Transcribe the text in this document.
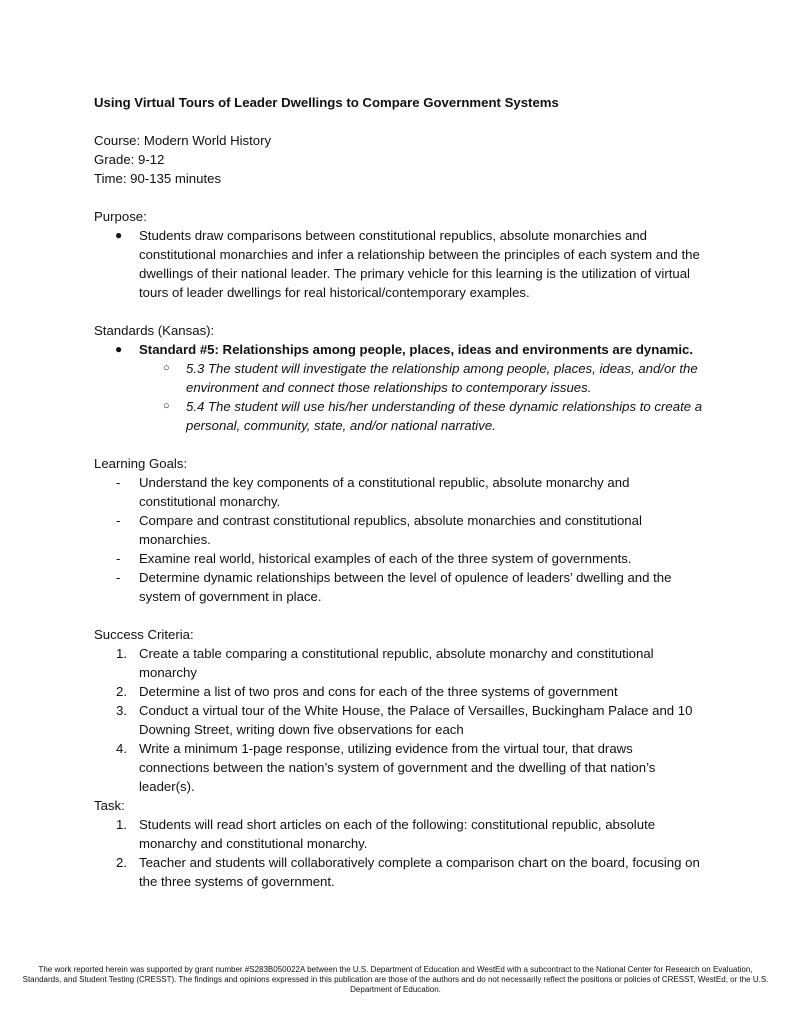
Using Virtual Tours of Leader Dwellings to Compare Government Systems

Course: Modern World History

Grade: 9-12

Time: 90-135 minutes

Purpose:

● Students draw comparisons between constitutional republics, absolute monarchies and constitutional monarchies and infer a relationship between the principles of each system and the dwellings of their national leader. The primary vehicle for this learning is the utilization of virtual tours of leader dwellings for real historical/contemporary examples.

Standards (Kansas):

● Standard #5: Relationships among people, places, ideas and environments are dynamic.
○ 5.3 The student will investigate the relationship among people, places, ideas, and/or the environment and connect those relationships to contemporary issues.
○ 5.4 The student will use his/her understanding of these dynamic relationships to create a personal, community, state, and/or national narrative.

Learning Goals:

- Understand the key components of a constitutional republic, absolute monarchy and constitutional monarchy.
- Compare and contrast constitutional republics, absolute monarchies and constitutional monarchies.
- Examine real world, historical examples of each of the three system of governments.
- Determine dynamic relationships between the level of opulence of leaders’ dwelling and the system of government in place.

Success Criteria:

1. Create a table comparing a constitutional republic, absolute monarchy and constitutional monarchy
2. Determine a list of two pros and cons for each of the three systems of government
3. Conduct a virtual tour of the White House, the Palace of Versailles, Buckingham Palace and 10 Downing Street, writing down five observations for each
4. Write a minimum 1-page response, utilizing evidence from the virtual tour, that draws connections between the nation’s system of government and the dwelling of that nation’s leader(s).

Task:

1. Students will read short articles on each of the following: constitutional republic, absolute monarchy and constitutional monarchy.
2. Teacher and students will collaboratively complete a comparison chart on the board, focusing on the three systems of government.
The work reported herein was supported by grant number #S283B050022A between the U.S. Department of Education and WestEd with a subcontract to the National Center for Research on Evaluation, Standards, and Student Testing (CRESST). The findings and opinions expressed in this publication are those of the authors and do not necessarily reflect the positions or policies of CRESST, WestEd, or the U.S. Department of Education.
